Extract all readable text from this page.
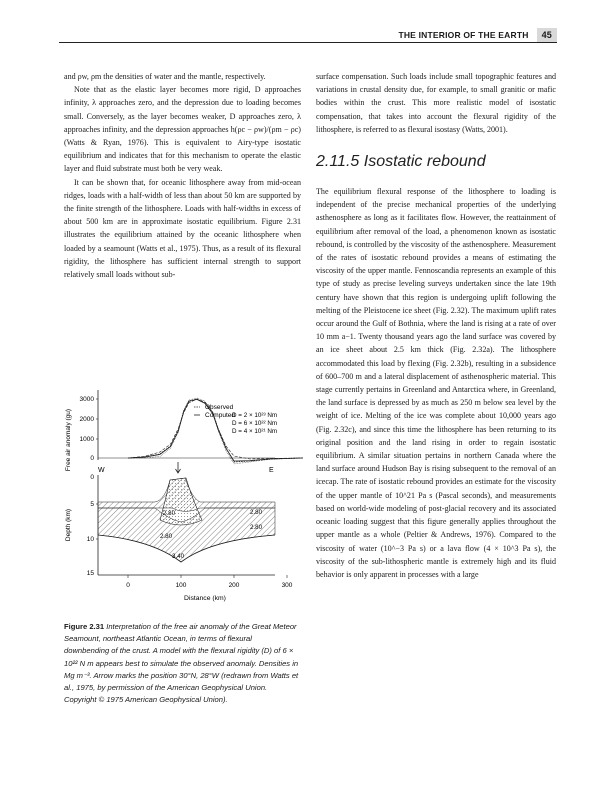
THE INTERIOR OF THE EARTH	45

and ρw, ρm the densities of water and the mantle, respectively.

Note that as the elastic layer becomes more rigid, D approaches infinity, λ approaches zero, and the depression due to loading becomes small. Conversely, as the layer becomes weaker, D approaches zero, λ approaches infinity, and the depression approaches h(ρc − ρw)/(ρm − ρc) (Watts & Ryan, 1976). This is equivalent to Airy-type isostatic equilibrium and indicates that for this mechanism to operate the elastic layer and fluid substrate must both be very weak.

It can be shown that, for oceanic lithosphere away from mid-ocean ridges, loads with a half-width of less than about 50 km are supported by the finite strength of the lithosphere. Loads with half-widths in excess of about 500 km are in approximate isostatic equilibrium. Figure 2.31 illustrates the equilibrium attained by the oceanic lithosphere when loaded by a seamount (Watts et al., 1975). Thus, as a result of its flexural rigidity, the lithosphere has sufficient internal strength to support relatively small loads without sub-

surface compensation. Such loads include small topographic features and variations in crustal density due, for example, to small granitic or mafic bodies within the crust. This more realistic model of isostatic compensation, that takes into account the flexural rigidity of the lithosphere, is referred to as flexural isostasy (Watts, 2001).

2.11.5 Isostatic rebound

The equilibrium flexural response of the lithosphere to loading is independent of the precise mechanical properties of the underlying asthenosphere as long as it facilitates flow. However, the reattainment of equilibrium after removal of the load, a phenomenon known as isostatic rebound, is controlled by the viscosity of the asthenosphere. Measurement of the rates of isostatic rebound provides a means of estimating the viscosity of the upper mantle. Fennoscandia represents an example of this type of study as precise leveling surveys undertaken since the late 19th century have shown that this region is undergoing uplift following the melting of the Pleistocene ice sheet (Fig. 2.32). The maximum uplift rates occur around the Gulf of Bothnia, where the land is rising at a rate of over 10 mm a−1. Twenty thousand years ago the land surface was covered by an ice sheet about 2.5 km thick (Fig. 2.32a). The lithosphere accommodated this load by flexing (Fig. 2.32b), resulting in a subsidence of 600–700 m and a lateral displacement of asthenospheric material. This stage currently pertains in Greenland and Antarctica where, in Greenland, the land surface is depressed by as much as 250 m below sea level by the weight of ice. Melting of the ice was complete about 10,000 years ago (Fig. 2.32c), and since this time the lithosphere has been returning to its original position and the land rising in order to regain isostatic equilibrium. A similar situation pertains in northern Canada where the land surface around Hudson Bay is rising subsequent to the removal of an icecap. The rate of isostatic rebound provides an estimate for the viscosity of the upper mantle of 10^21 Pa s (Pascal seconds), and measurements based on world-wide modeling of post-glacial recovery and its associated oceanic loading suggest that this figure generally applies throughout the upper mantle as a whole (Peltier & Andrews, 1976). Compared to the viscosity of water (10^−3 Pa s) or a lava flow (4 × 10^3 Pa s), the viscosity of the sub-lithospheric mantle is extremely high and its fluid behavior is only apparent in processes with a large

Free air anomaly (gu)
3000
2000
1000
0
Observed
Computed
D = 2 × 10²³ Nm
D = 6 × 10²² Nm
D = 4 × 10²¹ Nm
W	E
Depth (km)
0
5
10
15
2.80	2.80
2.80
2.80
3.40
0	100	200	300
Distance (km)
Figure 2.31 Interpretation of the free air anomaly of the Great Meteor Seamount, northeast Atlantic Ocean, in terms of flexural downbending of the crust. A model with the flexural rigidity (D) of 6 × 10²² N m appears best to simulate the observed anomaly. Densities in Mg m⁻³. Arrow marks the position 30°N, 28°W (redrawn from Watts et al., 1975, by permission of the American Geophysical Union. Copyright © 1975 American Geophysical Union).
